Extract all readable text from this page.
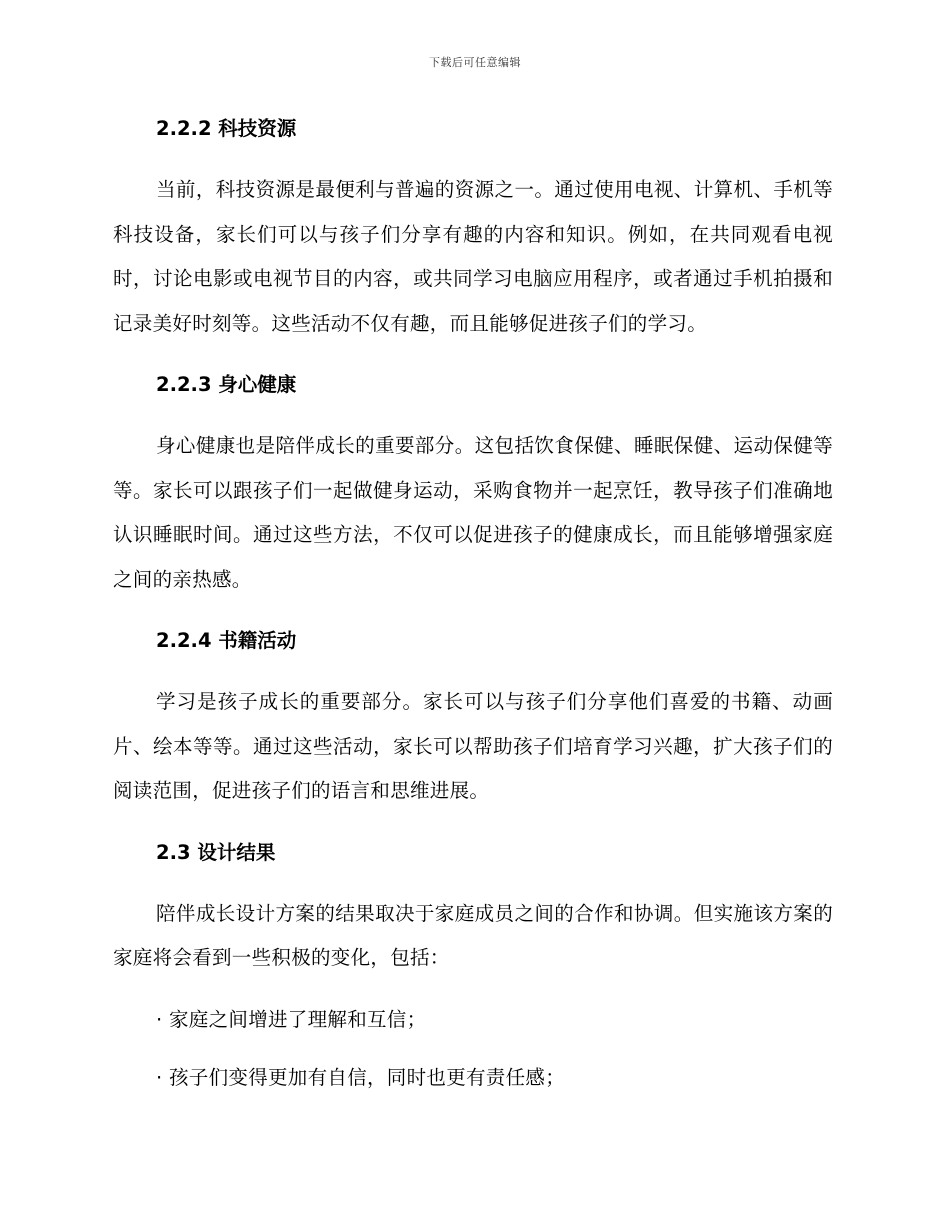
下载后可任意编辑
2.2.2 科技资源

当前，科技资源是最便利与普遍的资源之一。通过使用电视、计算机、手机等科技设备，家长们可以与孩子们分享有趣的内容和知识。例如，在共同观看电视时，讨论电影或电视节目的内容，或共同学习电脑应用程序，或者通过手机拍摄和记录美好时刻等。这些活动不仅有趣，而且能够促进孩子们的学习。

2.2.3 身心健康

身心健康也是陪伴成长的重要部分。这包括饮食保健、睡眠保健、运动保健等等。家长可以跟孩子们一起做健身运动，采购食物并一起烹饪，教导孩子们准确地认识睡眠时间。通过这些方法，不仅可以促进孩子的健康成长，而且能够增强家庭之间的亲热感。

2.2.4 书籍活动

学习是孩子成长的重要部分。家长可以与孩子们分享他们喜爱的书籍、动画片、绘本等等。通过这些活动，家长可以帮助孩子们培育学习兴趣，扩大孩子们的阅读范围，促进孩子们的语言和思维进展。

2.3 设计结果

陪伴成长设计方案的结果取决于家庭成员之间的合作和协调。但实施该方案的家庭将会看到一些积极的变化，包括：

· 家庭之间增进了理解和互信；
· 孩子们变得更加有自信，同时也更有责任感；
